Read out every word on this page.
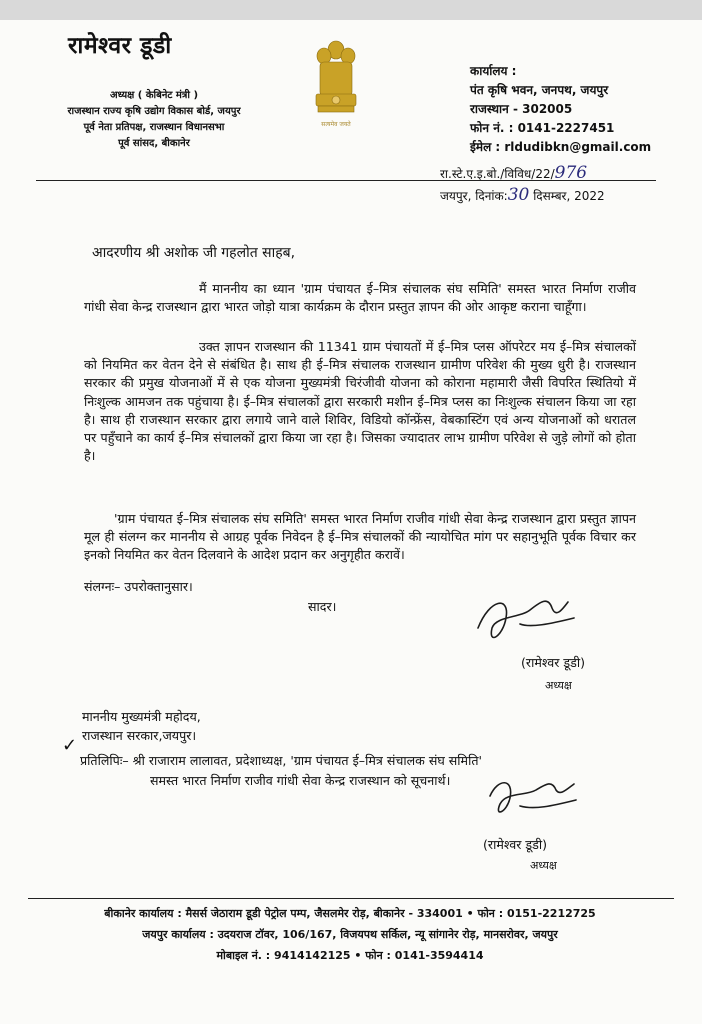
रामेश्वर डूडी
अध्यक्ष ( केबिनेट मंत्री )
राजस्थान राज्य कृषि उद्योग विकास बोर्ड, जयपुर
पूर्व नेता प्रतिपक्ष, राजस्थान विधानसभा
पूर्व सांसद, बीकानेर
सत्यमेव जयते
कार्यालय :
पंत कृषि भवन, जनपथ, जयपुर
राजस्थान - 302005
फोन नं. : 0141-2227451
ईमेल : rldudibkn@gmail.com
रा.स्टे.ए.इ.बो./विविध/22/976
जयपुर, दिनांक:30 दिसम्बर, 2022
आदरणीय श्री अशोक जी गहलोत साहब,
मैं माननीय का ध्यान 'ग्राम पंचायत ई–मित्र संचालक संघ समिति' समस्त भारत निर्माण राजीव गांधी सेवा केन्द्र राजस्थान द्वारा भारत जोड़ो यात्रा कार्यक्रम के दौरान प्रस्तुत ज्ञापन की ओर आकृष्ट कराना चाहूँगा।
उक्त ज्ञापन राजस्थान की 11341 ग्राम पंचायतों में ई–मित्र प्लस ऑपरेटर मय ई–मित्र संचालकों को नियमित कर वेतन देने से संबंधित है। साथ ही ई–मित्र संचालक राजस्थान ग्रामीण परिवेश की मुख्य धुरी है। राजस्थान सरकार की प्रमुख योजनाओं में से एक योजना मुख्यमंत्री चिरंजीवी योजना को कोराना महामारी जैसी विपरित स्थितियो में निःशुल्क आमजन तक पहुंचाया है। ई–मित्र संचालकों द्वारा सरकारी मशीन ई–मित्र प्लस का निःशुल्क संचालन किया जा रहा है। साथ ही राजस्थान सरकार द्वारा लगाये जाने वाले शिविर, विडियो कॉन्फ्रेंस, वेबकास्टिंग एवं अन्य योजनाओं को धरातल पर पहुँचाने का कार्य ई–मित्र संचालकों द्वारा किया जा रहा है। जिसका ज्यादातर लाभ ग्रामीण परिवेश से जुड़े लोगों को होता है।
'ग्राम पंचायत ई–मित्र संचालक संघ समिति' समस्त भारत निर्माण राजीव गांधी सेवा केन्द्र राजस्थान द्वारा प्रस्तुत ज्ञापन मूल ही संलग्न कर माननीय से आग्रह पूर्वक निवेदन है ई–मित्र संचालकों की न्यायोचित मांग पर सहानुभूति पूर्वक विचार कर इनको नियमित कर वेतन दिलवाने के आदेश प्रदान कर अनुगृहीत करावें।
संलग्नः– उपरोक्तानुसार।
सादर।
(रामेश्वर डूडी)
अध्यक्ष
माननीय मुख्यमंत्री महोदय,
राजस्थान सरकार,जयपुर।
✓
प्रतिलिपिः– श्री राजाराम लालावत, प्रदेशाध्यक्ष, 'ग्राम पंचायत ई–मित्र संचालक संघ समिति'
समस्त भारत निर्माण राजीव गांधी सेवा केन्द्र राजस्थान को सूचनार्थ।
(रामेश्वर डूडी)
अध्यक्ष
बीकानेर कार्यालय : मैसर्स जेठाराम डूडी पेट्रोल पम्प, जैसलमेर रोड़, बीकानेर - 334001 • फोन : 0151-2212725
जयपुर कार्यालय : उदयराज टॉवर, 106/167, विजयपथ सर्किल, न्यू सांगानेर रोड़, मानसरोवर, जयपुर
मोबाइल नं. : 9414142125 • फोन : 0141-3594414
